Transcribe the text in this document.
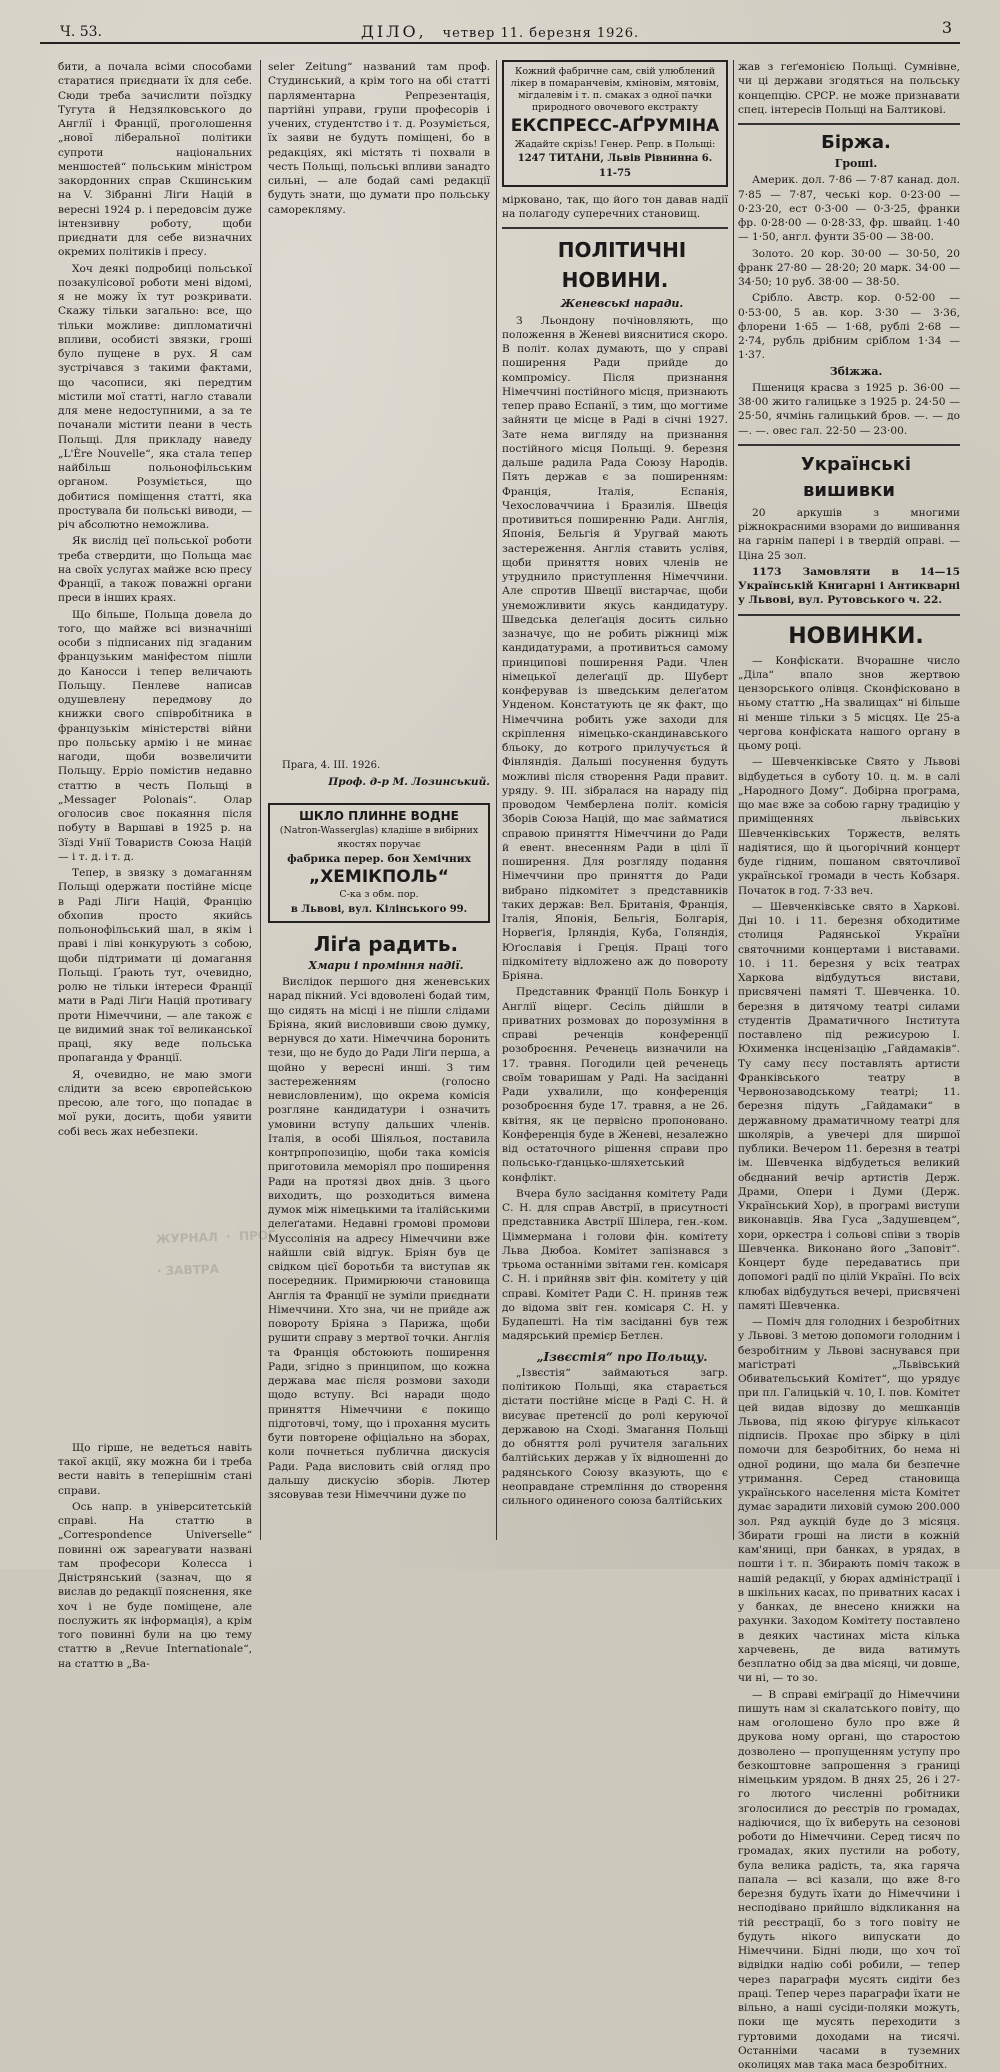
Ч. 53.	ДІЛО, четвер 11. березня 1926.	3

бити, а почала всіми способами старатися приєднати їх для себе. Сюди треба зачислити поїздку Тугута й Недзялковського до Англії і Франції, проголошення „нової ліберальної політики супроти національних меншостей“ польським міністром закордонних справ Скшинським на V. Зібранні Ліґи Націй в вересні 1924 р. і передовсім дуже інтензивну роботу, щоби приєднати для себе визначних окремих політиків і пресу.

Хоч деякі подробиці польської позакулісової роботи мені відомі, я не можу їх тут розкривати. Скажу тільки загально: все, що тільки можливе: дипломатичні впливи, особисті звязки, гроші було пущене в рух. Я сам зустрічався з такими фактами, що часописи, які передтим містили мої статті, нагло ставали для мене недоступними, а за те почанали містити пеани в честь Польщі. Для прикладу наведу „L'Ère Nouvelle“, яка стала тепер найбільш польонофільським органом. Розуміється, що добитися поміщення статті, яка простувала би польські виводи, — річ абсолютно неможлива.

Як вислід цеї польської роботи треба ствердити, що Польща має на своїх услугах майже всю пресу Франції, а також поважні органи преси в інших краях.

Що більше, Польща довела до того, що майже всі визначніші особи з підписаних під згаданим французьким маніфестом пішли до Каносси і тепер величають Польщу. Пенлеве написав одушевлену передмову до книжки свого співробітника в французькім міністерстві війни про польську армію і не минає нагоди, щоби возвеличити Польщу. Ерріо помістив недавно статтю в честь Польщі в „Messager Polonais“. Олар оголосив своє покаяння після побуту в Варшаві в 1925 р. на Зїзді Унії Товариств Союза Націй — і т. д. і т. д.

Тепер, в звязку з домаганням Польщі одержати постійне місце в Раді Ліґи Націй, Францію обхопив просто якийсь польонофільський шал, в якім і праві і ліві конкурують з собою, щоби підтримати ці домагання Польщі. Ґрають тут, очевидно, ролю не тільки інтереси Франції мати в Раді Ліґи Націй противагу проти Німеччини, — але також є це видимий знак тої великанської праці, яку веде польська пропаганда у Франції.

Я, очевидно, не маю змоги слідити за всею європейською пресою, але того, що попадає в мої руки, досить, щоби уявити собі весь жах небезпеки.

ЖУРНАЛ · ПРОГ · ЗАВТРА

Що гірше, не ведеться навіть такої акції, яку можна би і треба вести навіть в теперішнім стані справи.

Ось напр. в університетській справі. На статтю в „Correspondence Universelle“ повинні ож зареагувати названі там професори Колесса і Дністрянський (зазнач, що я вислав до редакції пояснення, яке хоч і не буде поміщене, але послужить як інформація), а крім того повинні були на цю тему статтю в „Revue Internationale“, на статтю в „Ba-

seler Zeitung“ названий там проф. Студинський, а крім того на обі статті парляментарна Репрезентація, партійні управи, групи професорів і учених, студентство і т. д. Розуміється, їх заяви не будуть поміщені, бо в редакціях, які містять ті похвали в честь Польщі, польські впливи занадто сильні, — але бодай самі редакції будуть знати, що думати про польську саморекляму.

Прага, 4. III. 1926.

Проф. д-р М. Лозинський.

ШКЛО ПЛИННЕ ВОДНЕ

(Natron-Wasserglas) кладіше в вибірних якостях поручає

фабрика перер. бон Хемічних

„ХЕМІКПОЛЬ“

С-ка з обм. пор.

в Львові, вул. Кілінського 99.

Ліґа радить.

Хмари і проміння надії.

Вислідок першого дня женевських нарад пікний. Усі вдоволені бодай тим, що сидять на місці і не пішли слідами Бріяна, який висловивши свою думку, вернувся до хати. Німеччина боронить тези, що не будо до Ради Ліґи перша, а щойно у вересні инші. З тим застереженням (голосно невисловленим), що окрема комісія розгляне кандидатури і означить умовини вступу дальших членів. Італія, в особі Шіяльоя, поставила контрпропозицію, щоби така комісія приготовила меморіял про поширення Ради на протязі двох днів. З цього виходить, що розходиться вимена думок між німецькими та італійськими делеґатами. Недавні громові промови Муссолінія на адресу Німеччини вже найшли свій відгук. Бріян був це свідком цієї боротьби та виступав як посередник. Примирюючи становища Англія та Франції не зуміли приєднати Німеччини. Хто зна, чи не прийде аж повороту Бріяна з Парижа, щоби рушити справу з мертвої точки. Англія та Франція обстоюють поширення Ради, згідно з принципом, що кожна держава має після розмови заходи щодо вступу. Всі наради щодо приняття Німеччини є покищо підготовчі, тому, що і прохання мусить бути повторене офіціально на зборах, коли почнеться публична дискусія Ради. Рада висловить свій огляд про дальшу дискусію зборів. Лютер зясовував тези Німеччини дуже по

Кожний фабричне сам, свій улюблений лікер в помаранчевім, кміновім, мятовім, мігдалевім і т. п. смаках з одної пачки природного овочевого екстракту

ЕКСПРЕСС-АҐРУМІНА

Жадайте скрізь! Генер. Репр. в Польщі:

1247 ТИТАНИ, Львів Рівнинна 6. 11-75

мірковано, так, що його тон давав надії на полагоду суперечних становищ.

ПОЛІТИЧНІ НОВИНИ.

Женевські наради.

З Льондону почіновляють, що положення в Женеві вияснитися скоро. В політ. колах думають, що у справі поширення Ради прийде до компромісу. Після признання Німеччині постійного місця, признають тепер право Еспанії, з тим, що могтиме зайняти це місце в Раді в січні 1927. Зате нема вигляду на признання постійного місця Польщі. 9. березня дальше радила Рада Союзу Народів. Пять держав є за поширенням: Франція, Італія, Еспанія, Чехословаччина і Бразилія. Швеція противиться поширенню Ради. Англія, Японія, Бельгія й Уругвай мають застереження. Англія ставить услівя, щоби приняття нових членів не утруднило приступлення Німеччини. Але спротив Швеції вистарчає, щоби унеможливити якусь кандидатуру. Шведська делеґація досить сильно зазначує, що не робить ріжниці між кандидатурами, а противиться самому принципові поширення Ради. Член німецької делеґації др. Шуберт конферував із шведським делеґатом Унденом. Констатують це як факт, що Німеччина робить уже заходи для скріплення німецько-скандинавського бльоку, до котрого прилучується й Фінляндія. Дальші посунення будуть можливі після створення Ради правит. уряду. 9. III. зібралася на нараду під проводом Чемберлена політ. комісія Зборів Союза Націй, що має займатися справою приняття Німеччини до Ради й евент. внесенням Ради в цілі її поширення. Для розгляду подання Німеччини про приняття до Ради вибрано підкомітет з представників таких держав: Вел. Британія, Франція, Італія, Японія, Бельгія, Болгарія, Норвеґія, Ірляндія, Куба, Голяндія, Юґославія і Греція. Праці того підкомітету відложено аж до повороту Бріяна.

Представник Франції Поль Бонкур і Англії віцерг. Сесіль дійшли в приватних розмовах до порозуміння в справі реченців конференції розоброєння. Реченець визначили на 17. травня. Погодили цей реченець своїм товаришам у Раді. На засіданні Ради ухвалили, що конференція розоброєння буде 17. травня, а не 26. квітня, як це первісно пропоновано. Конференція буде в Женеві, незалежно від остаточного рішення справи про польсько-ґданцько-шляхетський конфлікт.

Вчера було засідання комітету Ради С. Н. для справ Австрії, в присутності представника Австрії Шілера, ген.-ком. Ціммермана і голови фін. комітету Льва Дюбоа. Комітет запізнався з трьома останніми звітами ген. комісаря С. Н. і прийняв звіт фін. комітету у цій справі. Комітет Ради С. Н. приняв теж до відома звіт ген. комісаря С. Н. у Будапешті. На тім засіданні був теж мадярський премієр Бетлєн.

„Ізвєстія“ про Польщу.

„Ізвєстія“ займаються загр. політикою Польщі, яка старається дістати постійне місце в Раді С. Н. й висуває претенсії до ролі керуючої державою на Сході. Змагання Польщі до обняття ролі ручителя загальних балтійських держав у їх відношенні до радянського Союзу вказують, що є неоправдане стремління до створення сильного одиненого союза балтійських

жав з геґемонією Польщі. Сумнівне, чи ці держави згодяться на польську концепцію. СРСР. не може признавати спец. інтересів Польщі на Балтикові.

Біржа.

Гроші.

Америк. дол. 7·86 — 7·87 канад. дол. 7·85 — 7·87, чеські кор. 0·23·00 — 0·23·20, ест 0·3·00 — 0·3·25, франки фр. 0·28·00 — 0·28·33, фр. швайц. 1·40 — 1·50, англ. фунти 35·00 — 38·00.

Золото. 20 кор. 30·00 — 30·50, 20 франк 27·80 — 28·20; 20 марк. 34·00 — 34·50; 10 руб. 38·00 — 38·50.

Срібло. Австр. кор. 0·52·00 — 0·53·00, 5 ав. кор. 3·30 — 3·36, флорени 1·65 — 1·68, рублі 2·68 — 2·74, рубль дрібним сріблом 1·34 — 1·37.

Збіжжа.

Пшениця красва з 1925 р. 36·00 — 38·00 жито галицьке з 1925 р. 24·50 — 25·50, ячмінь галицький бров. —. — до —. —. овес гал. 22·50 — 23·00.

Українські вишивки

20 аркушів з многими ріжнокрасними взорами до вишивання на гарнім папері і в твердій оправі. — Ціна 25 зол.

1173 Замовляти в 14—15 Українській Книгарні і Антикварні у Львові, вул. Рутовського ч. 22.

НОВИНКИ.

— Конфіскати. Вчорашне число „Діла“ впало знов жертвою цензорського олівця. Сконфісковано в ньому статтю „На звалищах“ ні більше ні менше тільки з 5 місцях. Це 25-а чергова конфіската нашого органу в цьому році.

— Шевченківське Свято у Львові відбудеться в суботу 10. ц. м. в салі „Народного Дому“. Добірна програма, що має вже за собою гарну традицію у приміщеннях львівських Шевченківських Торжеств, велять надіятися, що й цьогорічний концерт буде гідним, пошаном святочливої української громади в честь Кобзаря. Початок в год. 7·33 веч.

— Шевченківське свято в Харкові. Дні 10. і 11. березня обходитиме столиця Радянської України святочними концертами і виставами. 10. і 11. березня у всіх театрах Харкова відбудуться вистави, присвячені памяті Т. Шевченка. 10. березня в дитячому театрі силами студентів Драматичного Інститута поставлено під режисурою І. Юхименка інсценізацію „Гайдамаків“. Ту саму пєсу поставлять артисти Франківського театру в Червонозаводському театрі; 11. березня підуть „Гайдамаки“ в державному драматичному театрі для школярів, а увечері для ширшої публики. Вечером 11. березня в театрі ім. Шевченка відбудеться великий обєднаний вечір артистів Держ. Драми, Опери і Думи (Держ. Український Хор), в програмі виступи виконавців. Ява Гуса „Задушевцем“, хори, оркестра і сольові співи з творів Шевченка. Виконано його „Заповіт“. Концерт буде передаватись при допомогі радії по цілій Україні. По всіх клюбах відбудуться вечері, присвячені памяті Шевченка.

— Поміч для голодних і безробітних у Львові. З метою допомоги голодним і безробітним у Львові заснувався при магістраті „Львівський Обивательський Комітет“, що урядує при пл. Галицькій ч. 10, І. пов. Комітет цей видав відозву до мешканців Львова, під якою фіґурує кількасот підписів. Прохає про збірку в цілі помочи для безробітних, бо нема ні одної родини, що мала би безпечне утримання. Серед становища українського населення міста Комітет думає зарадити лиховій сумою 200.000 зол. Ряд аукцій буде до 3 місяця. Збирати гроші на листи в кожній кам'яниці, при банках, в урядах, в пошти і т. п. Збирають поміч також в нашій редакції, у бюрах адміністрації і в шкільних касах, по приватних касах і у банках, де внесено книжки на рахунки. Заходом Комітету поставлено в деяких частинах міста кілька харчевень, де вида ватимуть безплатно обід за два місяці, чи довше, чи ні, — то зо.

— В справі еміґрації до Німеччини пишуть нам зі скалатського повіту, що нам оголошено було про вже й друкова ному органі, що старостою дозволено — пропущенням уступу про безкоштовне запрошення з границі німецьким урядом. В днях 25, 26 і 27-го лютого численні робітники зголосилися до реєстрів по громадах, надіючися, що їх виберуть на сезонові роботи до Німеччини. Серед тисяч по громадах, яких пустили на роботу, була велика радість, та, яка гаряча папала — всі казали, що вже 8-го березня будуть їхати до Німеччини і несподівано прийшло відкликання на тій реєстрації, бо з того повіту не будуть нікого випускати до Німеччини. Бідні люди, що хоч тої відвідки надію собі робили, — тепер через параграфи мусять сидіти без праці. Тепер через параграфи їхати не вільно, а наші сусіди-поляки можуть, поки ще мусять переходити з гуртовими доходами на тисячі. Останніми часами в туземних околицях мав така маса безробітних.
